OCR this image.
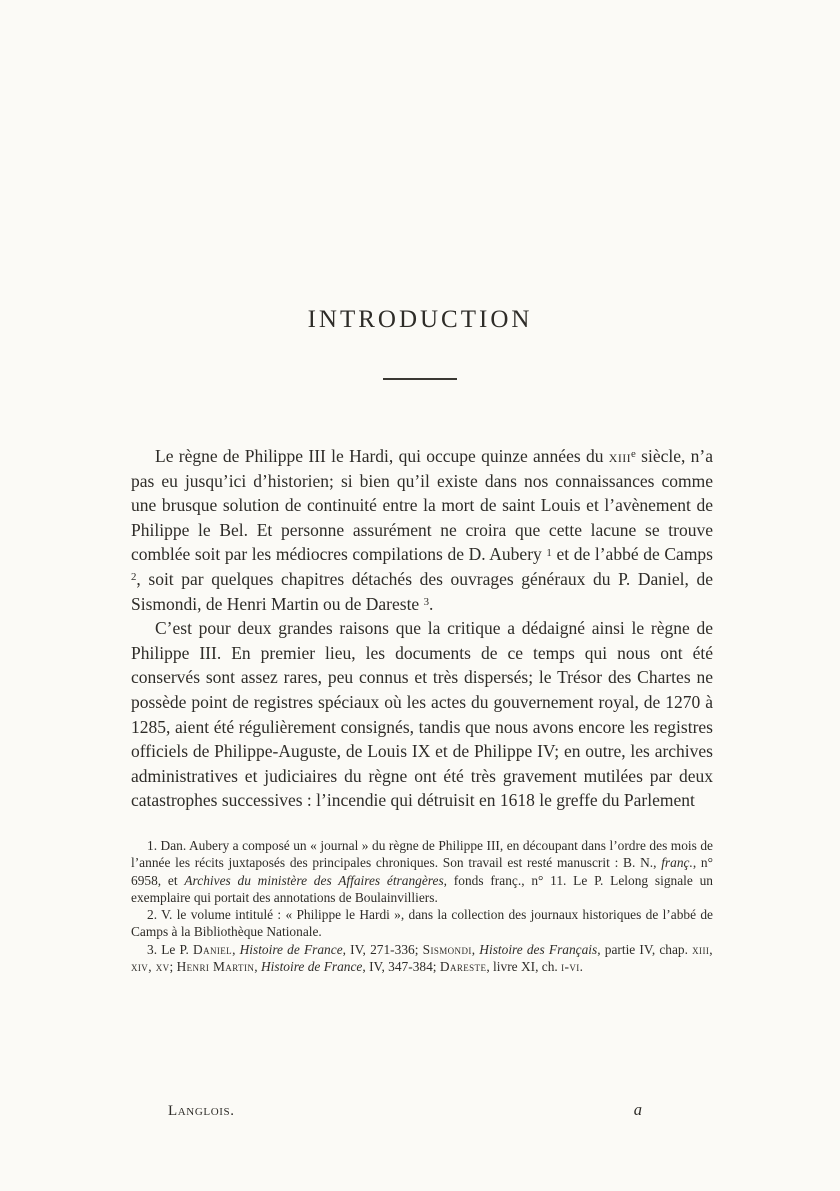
INTRODUCTION

Le règne de Philippe III le Hardi, qui occupe quinze années du xiii$^e$ siècle, n’a pas eu jusqu’ici d’historien; si bien qu’il existe dans nos connaissances comme une brusque solution de continuité entre la mort de saint Louis et l’avènement de Philippe le Bel. Et personne assurément ne croira que cette lacune se trouve comblée soit par les médiocres compilations de D. Aubery $^1$ et de l’abbé de Camps $^2$, soit par quelques chapitres détachés des ouvrages généraux du P. Daniel, de Sismondi, de Henri Martin ou de Dareste $^3$.

C’est pour deux grandes raisons que la critique a dédaigné ainsi le règne de Philippe III. En premier lieu, les documents de ce temps qui nous ont été conservés sont assez rares, peu connus et très dispersés; le Trésor des Chartes ne possède point de registres spéciaux où les actes du gouvernement royal, de 1270 à 1285, aient été régulièrement consignés, tandis que nous avons encore les registres officiels de Philippe-Auguste, de Louis IX et de Philippe IV; en outre, les archives administratives et judiciaires du règne ont été très gravement mutilées par deux catastrophes successives : l’incendie qui détruisit en 1618 le greffe du Parlement

1. Dan. Aubery a composé un « journal » du règne de Philippe III, en découpant dans l’ordre des mois de l’année les récits juxtaposés des principales chroniques. Son travail est resté manuscrit : B. N., franç., n° 6958, et Archives du ministère des Affaires étrangères, fonds franç., n° 11. Le P. Lelong signale un exemplaire qui portait des annotations de Boulainvilliers.

2. V. le volume intitulé : « Philippe le Hardi », dans la collection des journaux historiques de l’abbé de Camps à la Bibliothèque Nationale.

3. Le P. Daniel, Histoire de France, IV, 271-336; Sismondi, Histoire des Français, partie IV, chap. xiii, xiv, xv; Henri Martin, Histoire de France, IV, 347-384; Dareste, livre XI, ch. i-vi.

Langlois.	a
